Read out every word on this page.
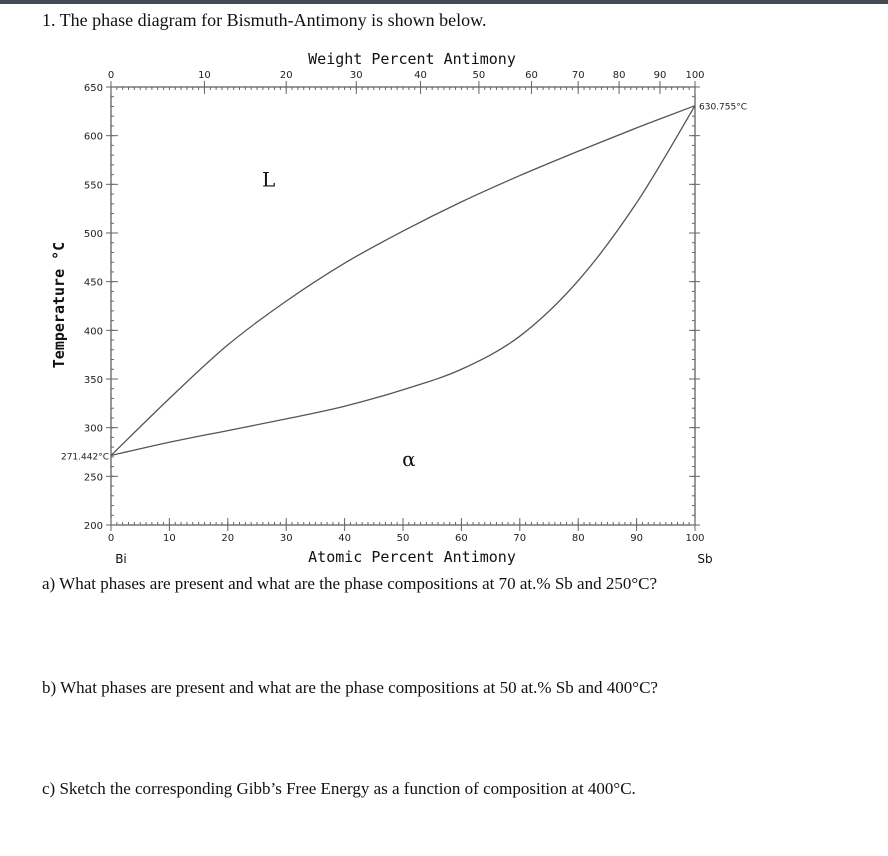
1. The phase diagram for Bismuth-Antimony is shown below.
0	10	20	30	40	50	60	70	80	90	100
200
250
300
350
400
450
500
550
600
650
0	10	20	30	40	50	60	70	80	90 100
Weight Percent Antimony
Atomic Percent Antimony
Temperature °C
Bi	Sb
271.442°C
630.755°C
L
α
a) What phases are present and what are the phase compositions at 70 at.% Sb and 250°C?
b) What phases are present and what are the phase compositions at 50 at.% Sb and 400°C?
c) Sketch the corresponding Gibb’s Free Energy as a function of composition at 400°C.
